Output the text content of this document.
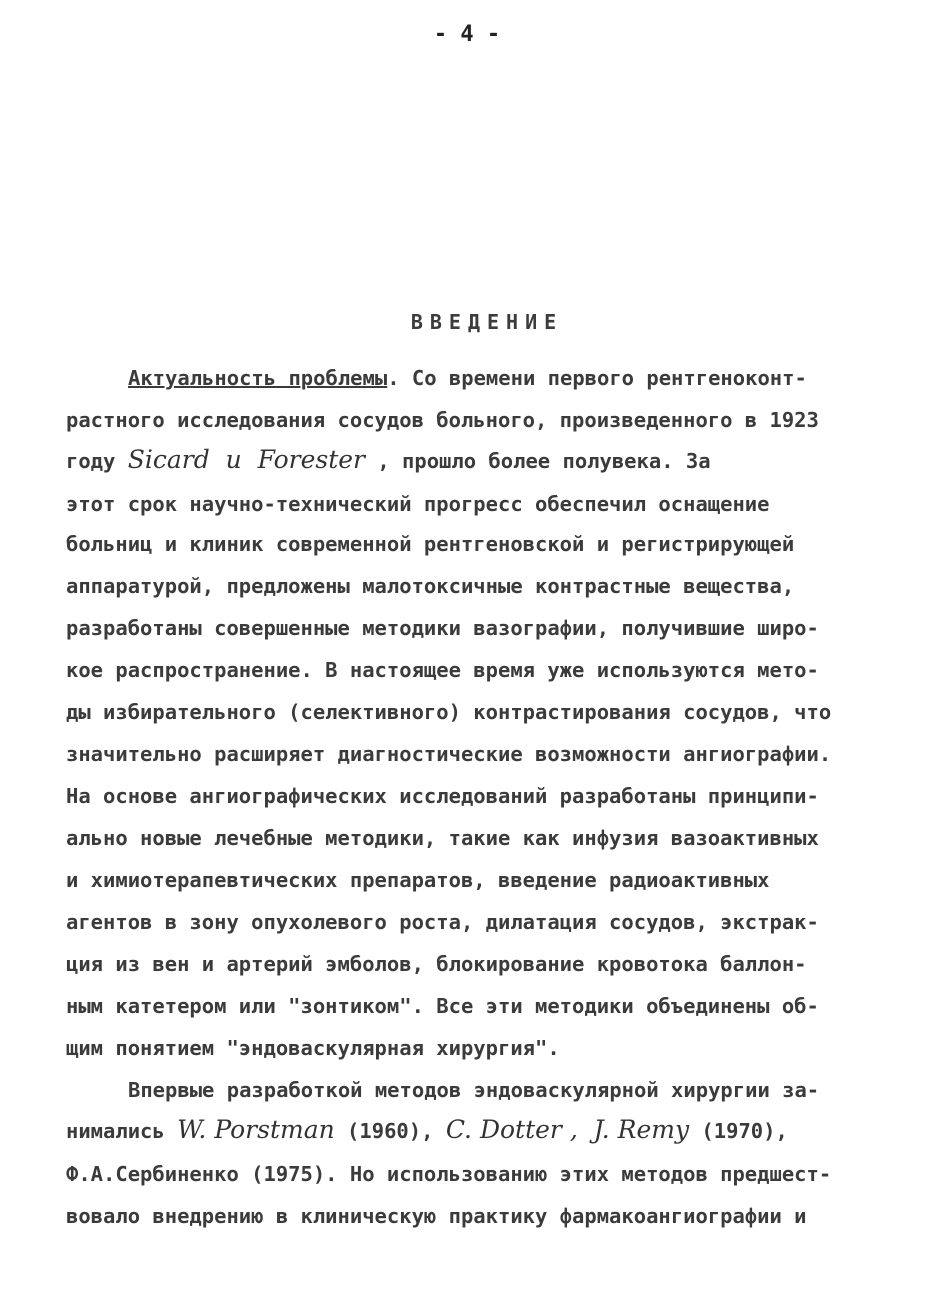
- 4 -
ВВЕДЕНИЕ
Актуальность проблемы. Со времени первого рентгеноконт-
растного исследования сосудов больного, произведенного в 1923
году Sicard  и  Forester , прошло более полувека. За
этот срок научно-технический прогресс обеспечил оснащение
больниц и клиник современной рентгеновской и регистрирующей
аппаратурой, предложены малотоксичные контрастные вещества,
разработаны совершенные методики вазографии, получившие широ-
кое распространение. В настоящее время уже используются мето-
ды избирательного (селективного) контрастирования сосудов, что
значительно расширяет диагностические возможности ангиографии.
На основе ангиографических исследований разработаны принципи-
ально новые лечебные методики, такие как инфузия вазоактивных
и химиотерапевтических препаратов, введение радиоактивных
агентов в зону опухолевого роста, дилатация сосудов, экстрак-
ция из вен и артерий эмболов, блокирование кровотока баллон-
ным катетером или "зонтиком". Все эти методики объединены об-
щим понятием "эндоваскулярная хирургия".
Впервые разработкой методов эндоваскулярной хирургии за-
нимались W. Porstman (1960), C. Dotter ,  J. Remy (1970),
Ф.А.Сербиненко (1975). Но использованию этих методов предшест-
вовало внедрению в клиническую практику фармакоангиографии и
